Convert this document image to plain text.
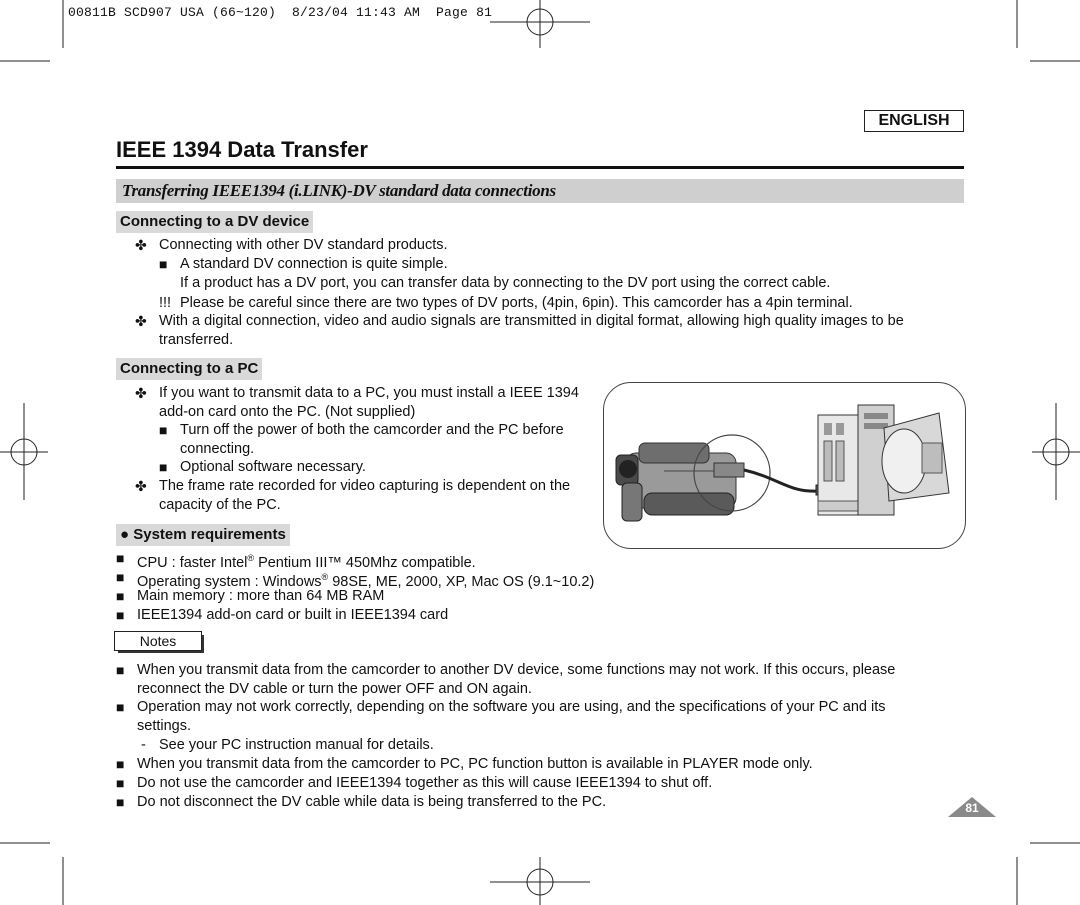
00811B SCD907 USA (66~120)  8/23/04 11:43 AM  Page 81
ENGLISH
IEEE 1394 Data Transfer
Transferring IEEE1394 (i.LINK)-DV standard data connections
Connecting to a DV device
✤ Connecting with other DV standard products.
■ A standard DV connection is quite simple.
If a product has a DV port, you can transfer data by connecting to the DV port using the correct cable.
!!! Please be careful since there are two types of DV ports, (4pin, 6pin). This camcorder has a 4pin terminal.
✤ With a digital connection, video and audio signals are transmitted in digital format, allowing high quality images to be
transferred.
Connecting to a PC
✤ If you want to transmit data to a PC, you must install a IEEE 1394
add-on card onto the PC. (Not supplied)
■ Turn off the power of both the camcorder and the PC before
connecting.
■ Optional software necessary.
✤ The frame rate recorded for video capturing is dependent on the
capacity of the PC.
● System requirements
■ CPU : faster Intel® Pentium III™ 450Mhz compatible.
■ Operating system : Windows® 98SE, ME, 2000, XP, Mac OS (9.1~10.2)
■ Main memory : more than 64 MB RAM
■ IEEE1394 add-on card or built in IEEE1394 card
Notes
■ When you transmit data from the camcorder to another DV device, some functions may not work. If this occurs, please
reconnect the DV cable or turn the power OFF and ON again.
■ Operation may not work correctly, depending on the software you are using, and the specifications of your PC and its
settings.
- See your PC instruction manual for details.
■ When you transmit data from the camcorder to PC, PC function button is available in PLAYER mode only.
■ Do not use the camcorder and IEEE1394 together as this will cause IEEE1394 to shut off.
■ Do not disconnect the DV cable while data is being transferred to the PC.	81
